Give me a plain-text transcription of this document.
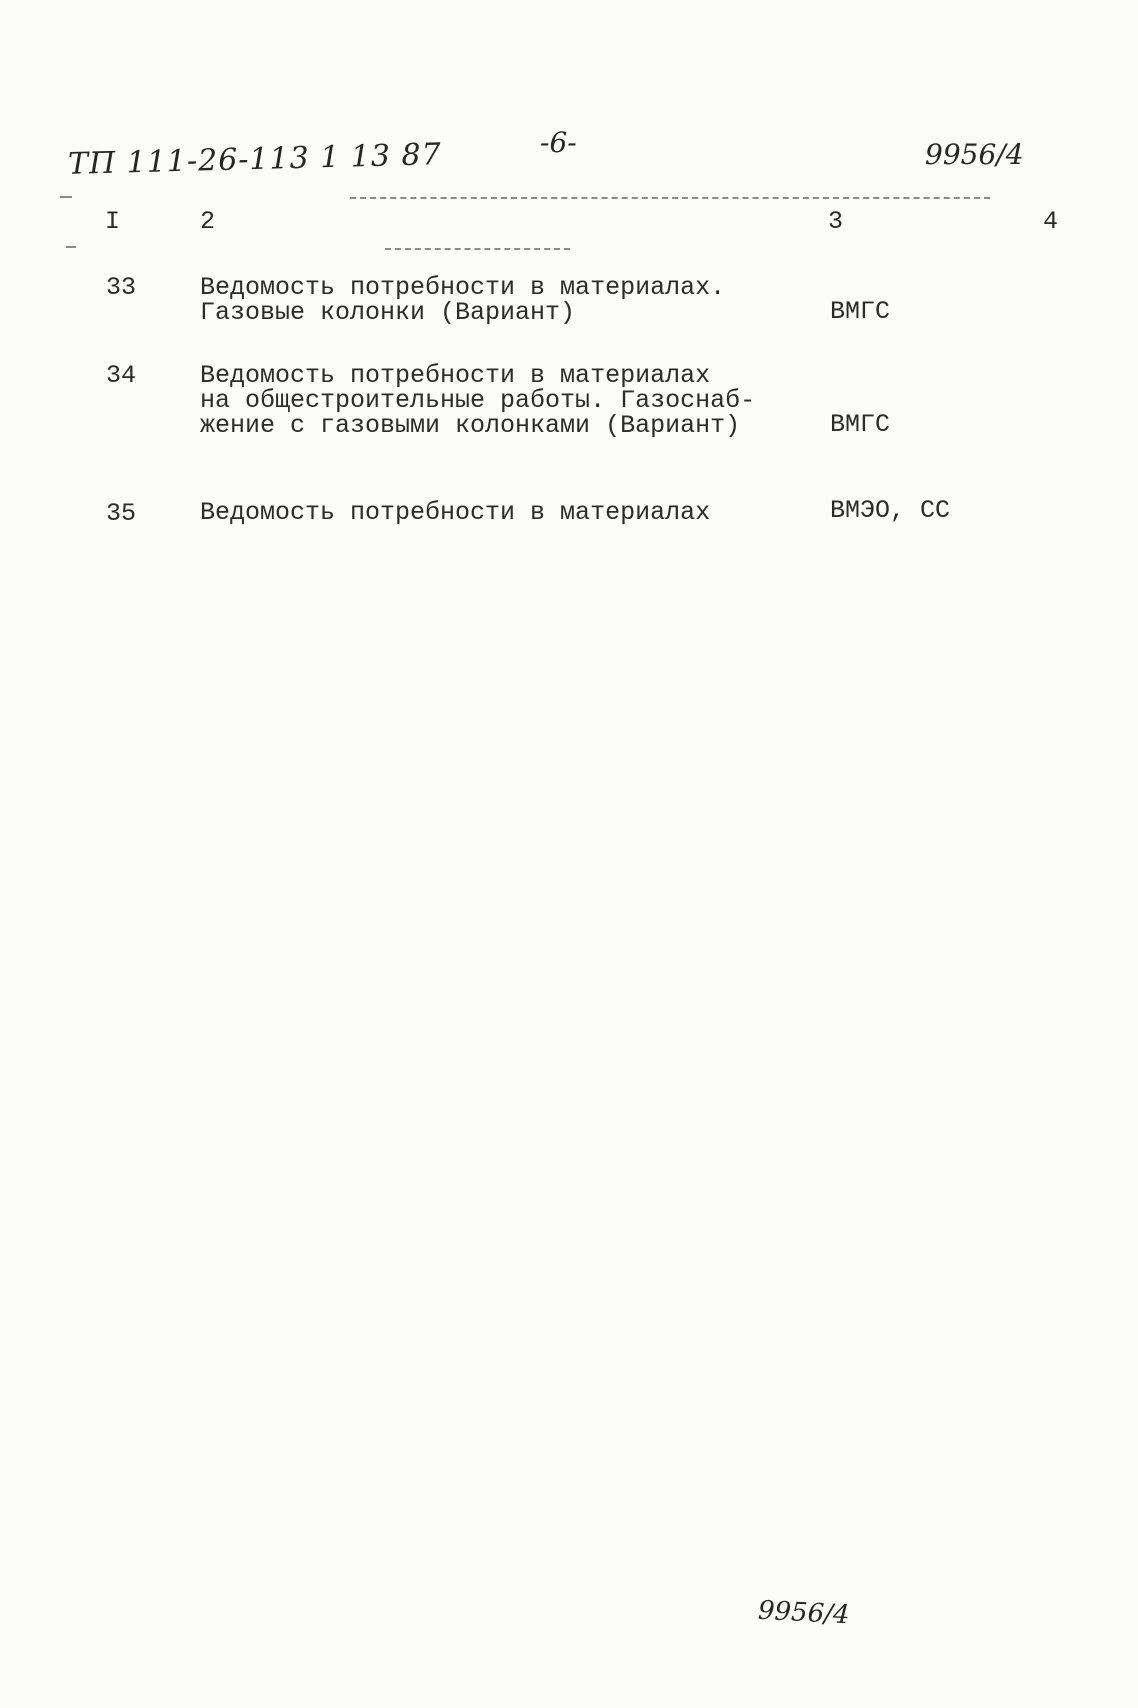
ТП 111-26-113 1 13 87	-6-	9956/4
I	2	3	4
33	Ведомость потребности в материалах.
Газовые колонки (Вариант)	ВМГС
34	Ведомость потребности в материалах
на общестроительные работы. Газоснаб-
жение с газовыми колонками (Вариант)	ВМГС
35	Ведомость потребности в материалах	ВМЭО, СС
9956/4
